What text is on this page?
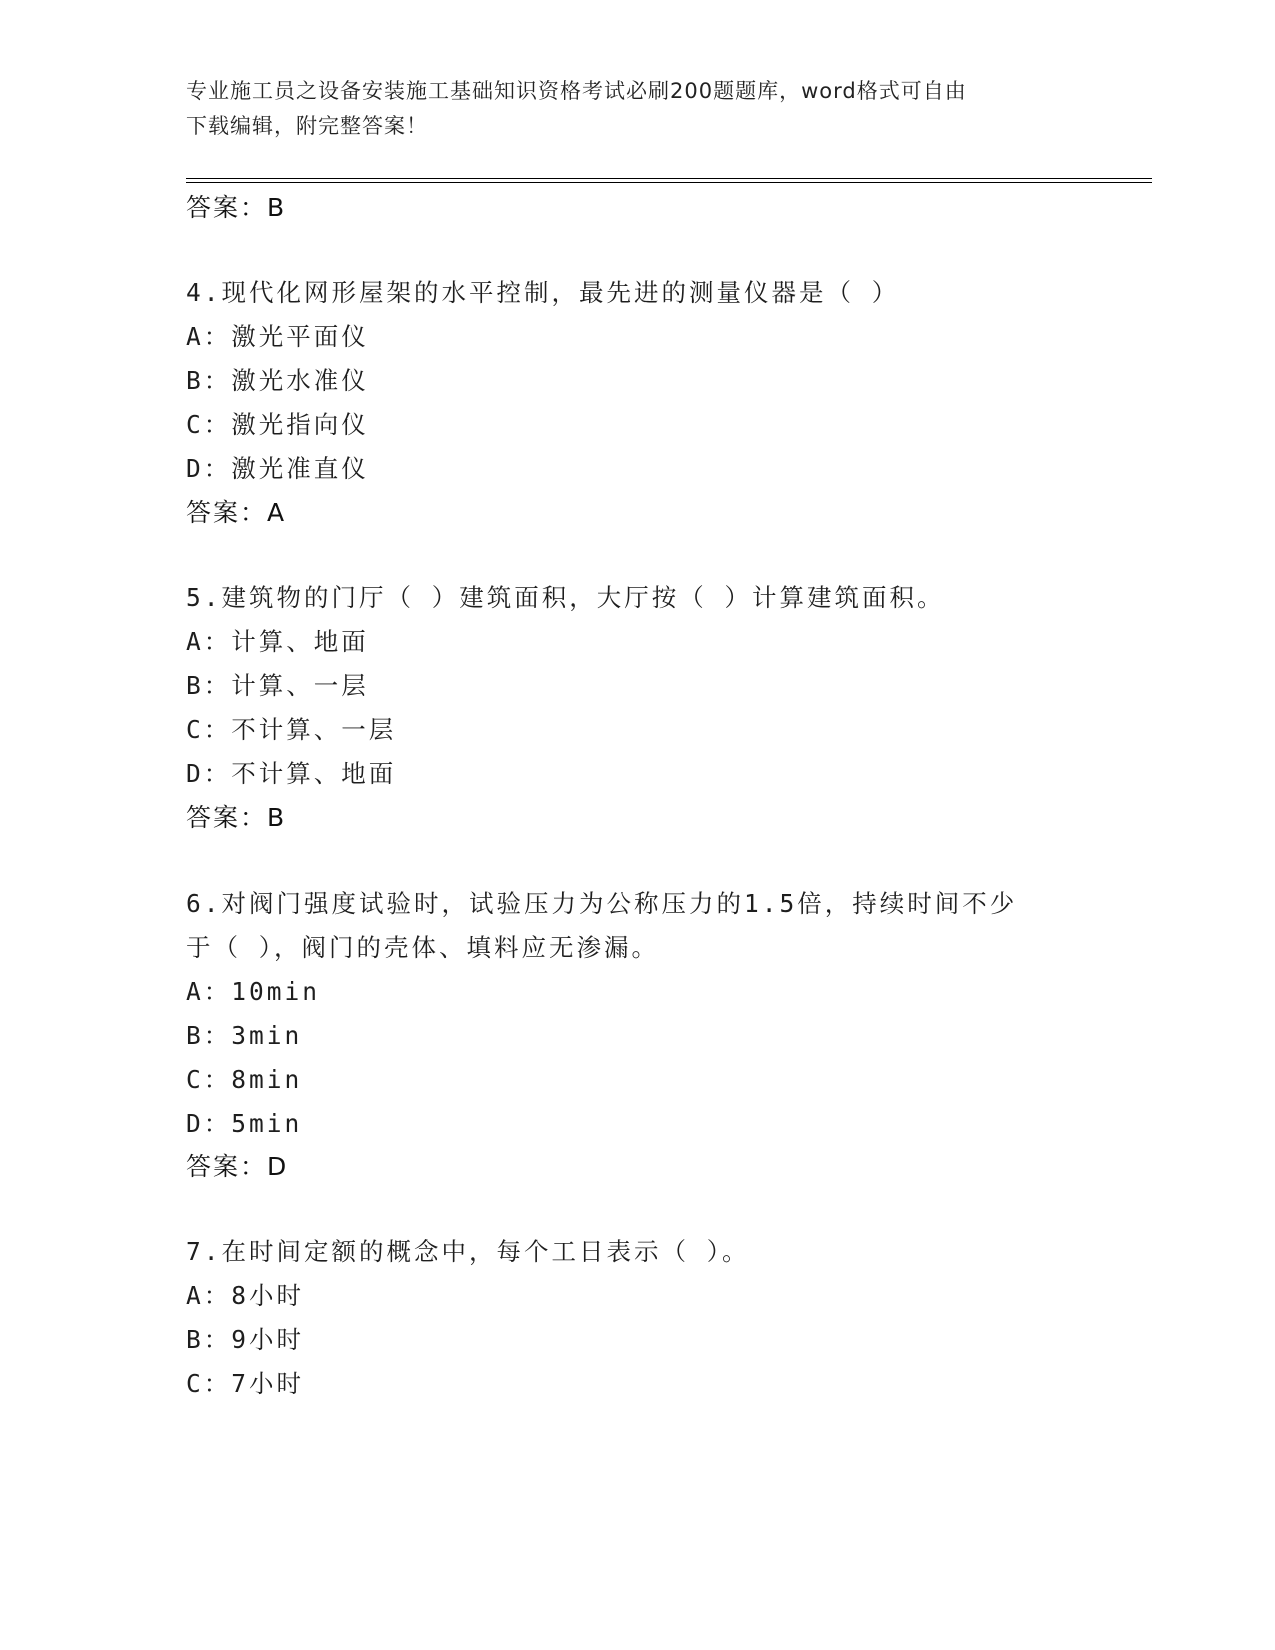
专业施工员之设备安装施工基础知识资格考试必刷200题题库，word格式可自由
下载编辑，附完整答案！
答案：B
4.现代化网形屋架的水平控制，最先进的测量仪器是（ ）
A：激光平面仪
B：激光水准仪
C：激光指向仪
D：激光准直仪
答案：A
5.建筑物的门厅（ ）建筑面积，大厅按（ ）计算建筑面积。
A：计算、地面
B：计算、一层
C：不计算、一层
D：不计算、地面
答案：B
6.对阀门强度试验时，试验压力为公称压力的1.5倍，持续时间不少
于（ ），阀门的壳体、填料应无渗漏。
A：10min
B：3min
C：8min
D：5min
答案：D
7.在时间定额的概念中，每个工日表示（ ）。
A：8小时
B：9小时
C：7小时
